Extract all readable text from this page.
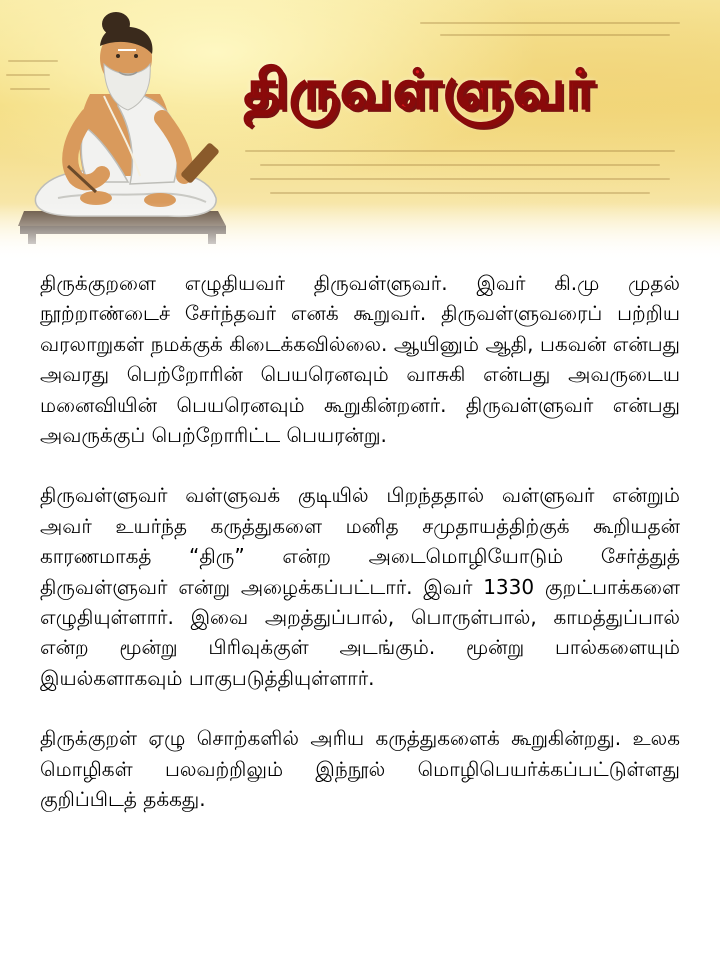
திருவள்ளுவர்

திருக்குறளை எழுதியவர் திருவள்ளுவர். இவர் கி.மு முதல் நூற்றாண்டைச் சேர்ந்தவர் எனக் கூறுவர். திருவள்ளுவரைப் பற்றிய வரலாறுகள் நமக்குக் கிடைக்கவில்லை. ஆயினும் ஆதி, பகவன் என்பது அவரது பெற்றோரின் பெயரெனவும் வாசுகி என்பது அவருடைய மனைவியின் பெயரெனவும் கூறுகின்றனர். திருவள்ளுவர் என்பது அவருக்குப் பெற்றோரிட்ட பெயரன்று.

திருவள்ளுவர் வள்ளுவக் குடியில் பிறந்ததால் வள்ளுவர் என்றும் அவர் உயர்ந்த கருத்துகளை மனித சமுதாயத்திற்குக் கூறியதன் காரணமாகத் “திரு” என்ற அடைமொழியோடும் சேர்த்துத் திருவள்ளுவர் என்று அழைக்கப்பட்டார். இவர் 1330 குறட்பாக்களை எழுதியுள்ளார். இவை அறத்துப்பால், பொருள்பால், காமத்துப்பால் என்ற மூன்று பிரிவுக்குள் அடங்கும். மூன்று பால்களையும் இயல்களாகவும் பாகுபடுத்தியுள்ளார்.

திருக்குறள் ஏழு சொற்களில் அரிய கருத்துகளைக் கூறுகின்றது. உலக மொழிகள் பலவற்றிலும் இந்நூல் மொழிபெயர்க்கப்பட்டுள்ளது குறிப்பிடத் தக்கது.
